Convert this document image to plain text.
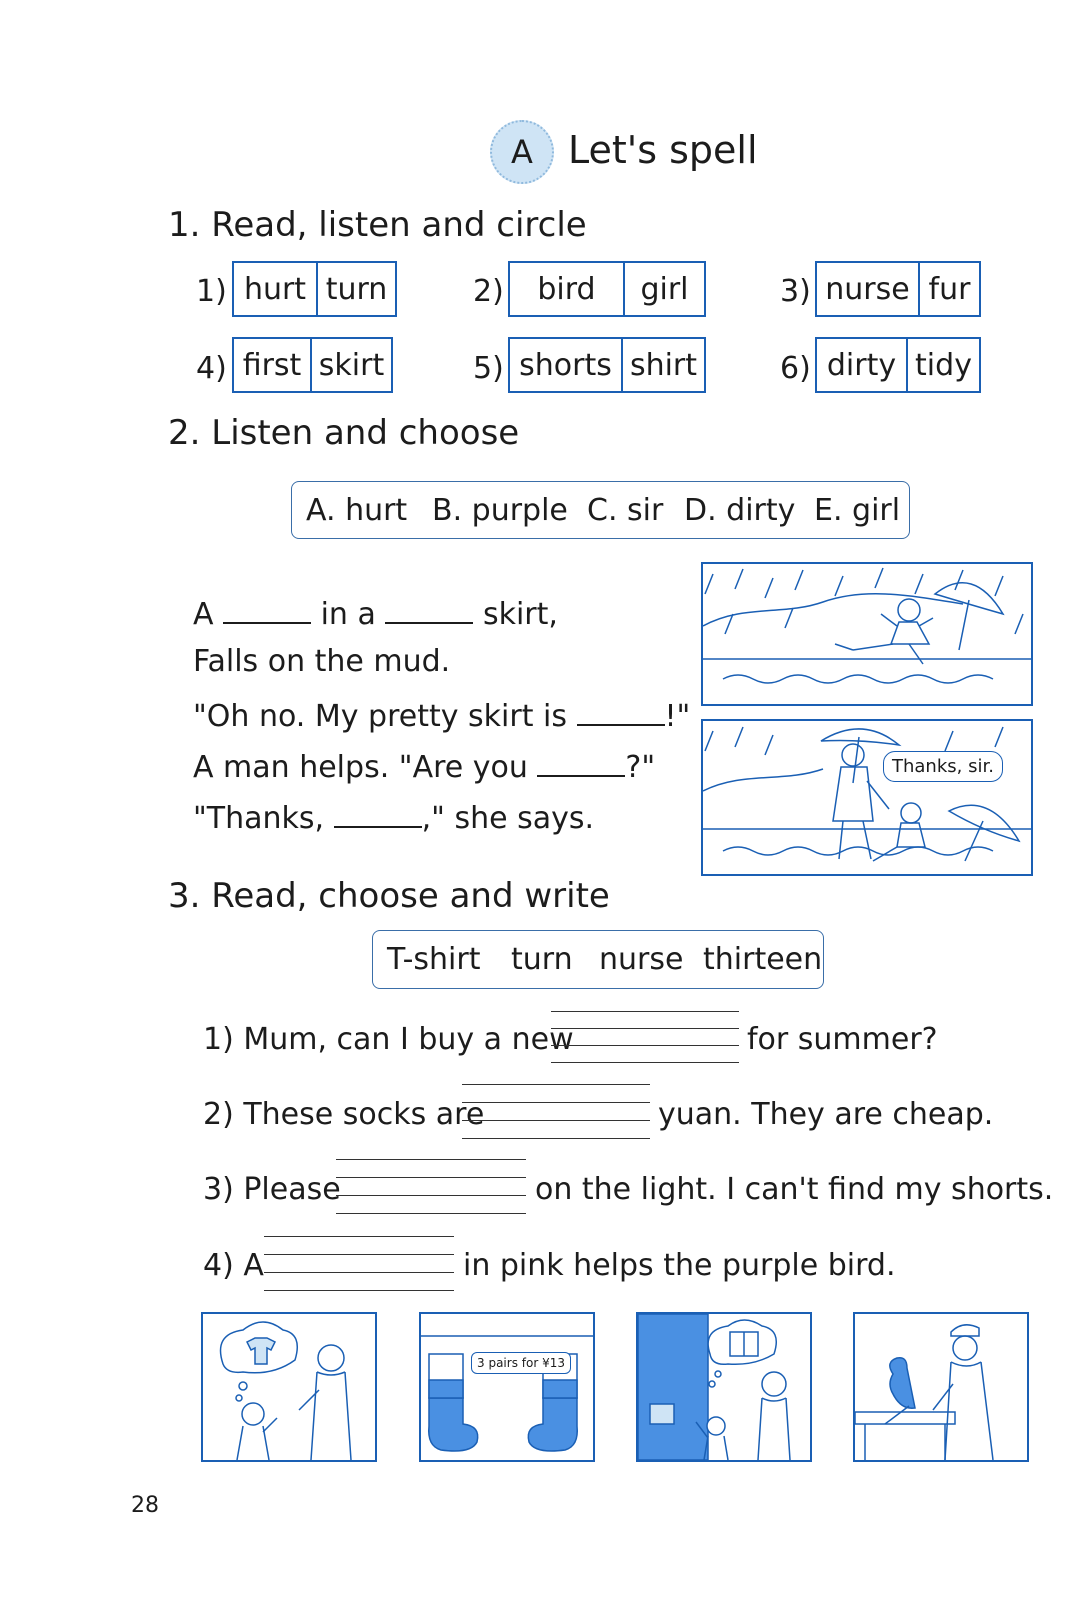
A Let's spell
1. Read, listen and circle
1) hurt turn	2)	bird	girl	3) nurse fur
4) first skirt	5) shorts shirt	6) dirty tidy
2. Listen and choose
A. hurt B. purple C. sir D. dirty E. girl
A	in a	skirt,
Falls on the mud.
"Oh no. My pretty skirt is	!"
A man helps. "Are you	?"
"Thanks,	," she says.
Thanks, sir.
3. Read, choose and write
T-shirt	turn nurse thirteen
1) Mum, can I buy a new	for summer?
2) These socks are	yuan. They are cheap.
3) Please	on the light. I can't find my shorts.
4) A	in pink helps the purple bird.
3 pairs for ¥13
28
